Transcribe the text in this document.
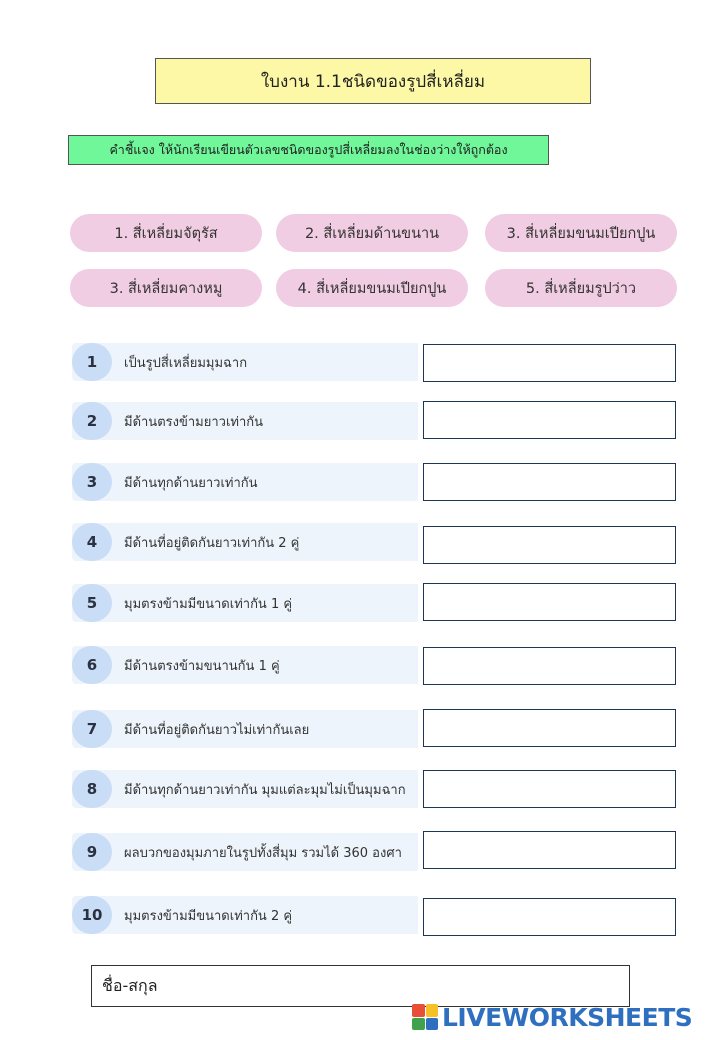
ใบงาน 1.1ชนิดของรูปสี่เหลี่ยม
คำชี้แจง ให้นักเรียนเขียนตัวเลขชนิดของรูปสี่เหลี่ยมลงในช่องว่างให้ถูกต้อง
1. สี่เหลี่ยมจัตุรัส	2. สี่เหลี่ยมด้านขนาน	3. สี่เหลี่ยมขนมเปียกปูน
3. สี่เหลี่ยมคางหมู	4. สี่เหลี่ยมขนมเปียกปูน	5. สี่เหลี่ยมรูปว่าว
1	เป็นรูปสี่เหลี่ยมมุมฉาก
2	มีด้านตรงข้ามยาวเท่ากัน
3	มีด้านทุกด้านยาวเท่ากัน
4	มีด้านที่อยู่ติดกันยาวเท่ากัน 2 คู่
5	มุมตรงข้ามมีขนาดเท่ากัน 1 คู่
6	มีด้านตรงข้ามขนานกัน 1 คู่
7	มีด้านที่อยู่ติดกันยาวไม่เท่ากันเลย
8	มีด้านทุกด้านยาวเท่ากัน มุมแต่ละมุมไม่เป็นมุมฉาก
9	ผลบวกของมุมภายในรูปทั้งสี่มุม รวมได้ 360 องศา
10	มุมตรงข้ามมีขนาดเท่ากัน 2 คู่
ชื่อ-สกุล
LIVEWORKSHEETS
